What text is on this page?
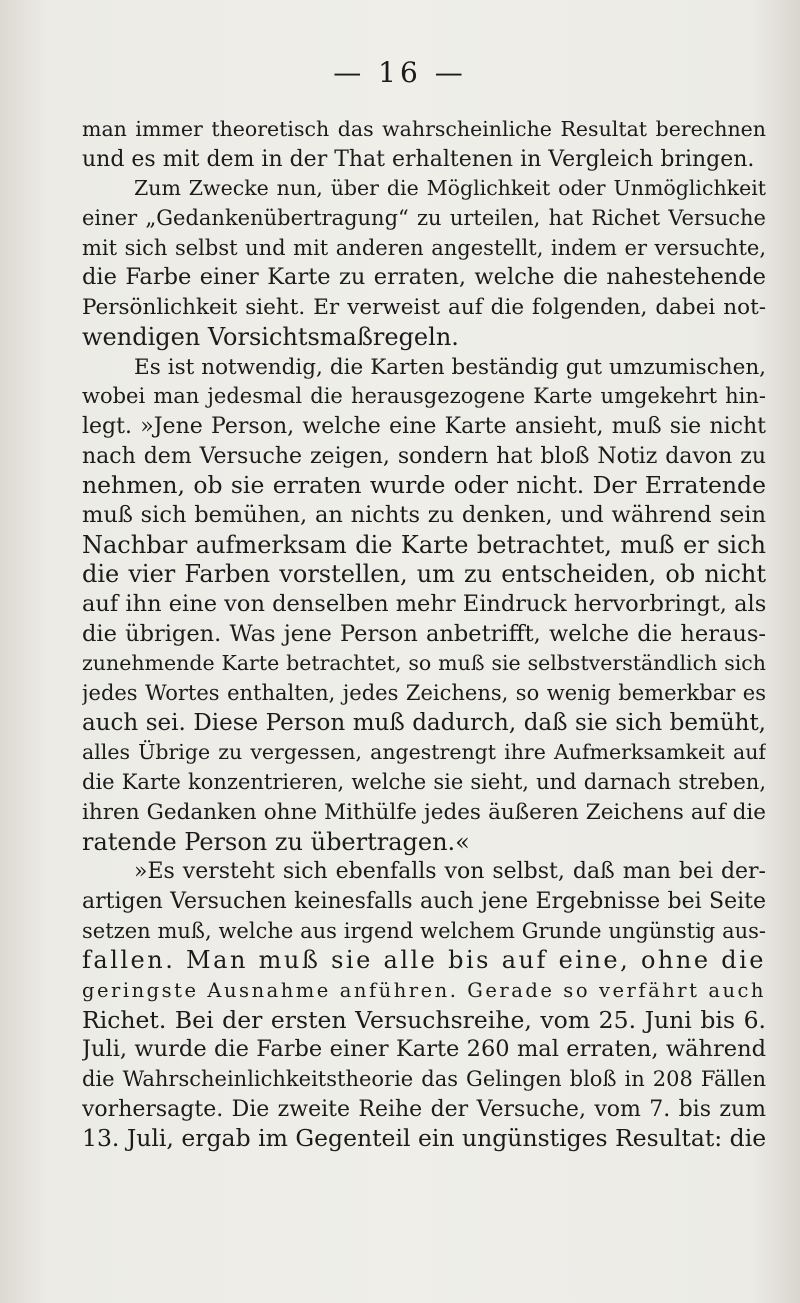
— 16 —
man immer theoretisch das wahrscheinliche Resultat berechnen
und es mit dem in der That erhaltenen in Vergleich bringen.
Zum Zwecke nun, über die Möglichkeit oder Unmöglichkeit
einer „Gedankenübertragung“ zu urteilen, hat Richet Versuche
mit sich selbst und mit anderen angestellt, indem er versuchte,
die Farbe einer Karte zu erraten, welche die nahestehende
Persönlichkeit sieht. Er verweist auf die folgenden, dabei not-
wendigen Vorsichtsmaßregeln.
Es ist notwendig, die Karten beständig gut umzumischen,
wobei man jedesmal die herausgezogene Karte umgekehrt hin-
legt. »Jene Person, welche eine Karte ansieht, muß sie nicht
nach dem Versuche zeigen, sondern hat bloß Notiz davon zu
nehmen, ob sie erraten wurde oder nicht. Der Erratende
muß sich bemühen, an nichts zu denken, und während sein
Nachbar aufmerksam die Karte betrachtet, muß er sich
die vier Farben vorstellen, um zu entscheiden, ob nicht
auf ihn eine von denselben mehr Eindruck hervorbringt, als
die übrigen. Was jene Person anbetrifft, welche die heraus-
zunehmende Karte betrachtet, so muß sie selbstverständlich sich
jedes Wortes enthalten, jedes Zeichens, so wenig bemerkbar es
auch sei. Diese Person muß dadurch, daß sie sich bemüht,
alles Übrige zu vergessen, angestrengt ihre Aufmerksamkeit auf
die Karte konzentrieren, welche sie sieht, und darnach streben,
ihren Gedanken ohne Mithülfe jedes äußeren Zeichens auf die
ratende Person zu übertragen.«
»Es versteht sich ebenfalls von selbst, daß man bei der-
artigen Versuchen keinesfalls auch jene Ergebnisse bei Seite
setzen muß, welche aus irgend welchem Grunde ungünstig aus-
fallen. Man muß sie alle bis auf eine, ohne die
geringste Ausnahme anführen. Gerade so verfährt auch
Richet. Bei der ersten Versuchsreihe, vom 25. Juni bis 6.
Juli, wurde die Farbe einer Karte 260 mal erraten, während
die Wahrscheinlichkeitstheorie das Gelingen bloß in 208 Fällen
vorhersagte. Die zweite Reihe der Versuche, vom 7. bis zum
13. Juli, ergab im Gegenteil ein ungünstiges Resultat: die
